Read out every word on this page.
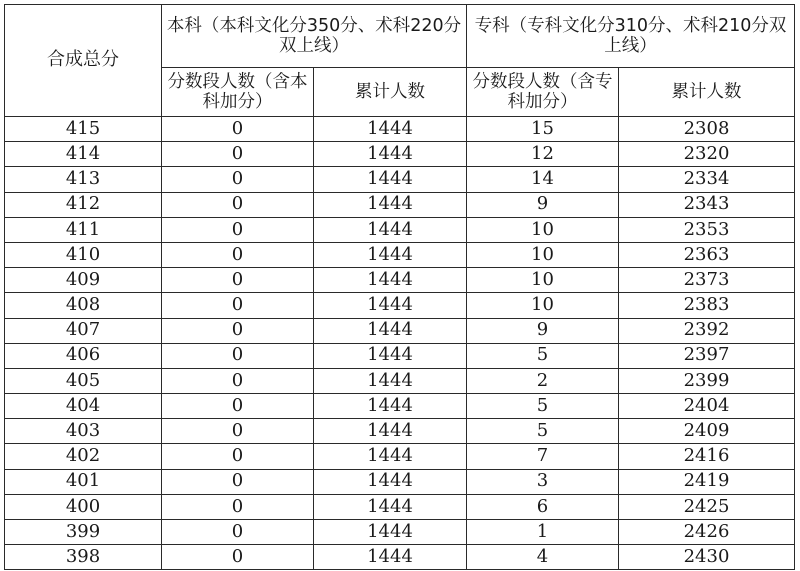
合成总分	本科（本科文化分350分、术科220分双上线）		专科（专科文化分310分、术科210分双上线）	
	分数段人数（含本科加分）	累计人数	分数段人数（含专科加分）	累计人数
415	0	1444	15	2308
414	0	1444	12	2320
413	0	1444	14	2334
412	0	1444	9	2343
411	0	1444	10	2353
410	0	1444	10	2363
409	0	1444	10	2373
408	0	1444	10	2383
407	0	1444	9	2392
406	0	1444	5	2397
405	0	1444	2	2399
404	0	1444	5	2404
403	0	1444	5	2409
402	0	1444	7	2416
401	0	1444	3	2419
400	0	1444	6	2425
399	0	1444	1	2426
398	0	1444	4	2430
